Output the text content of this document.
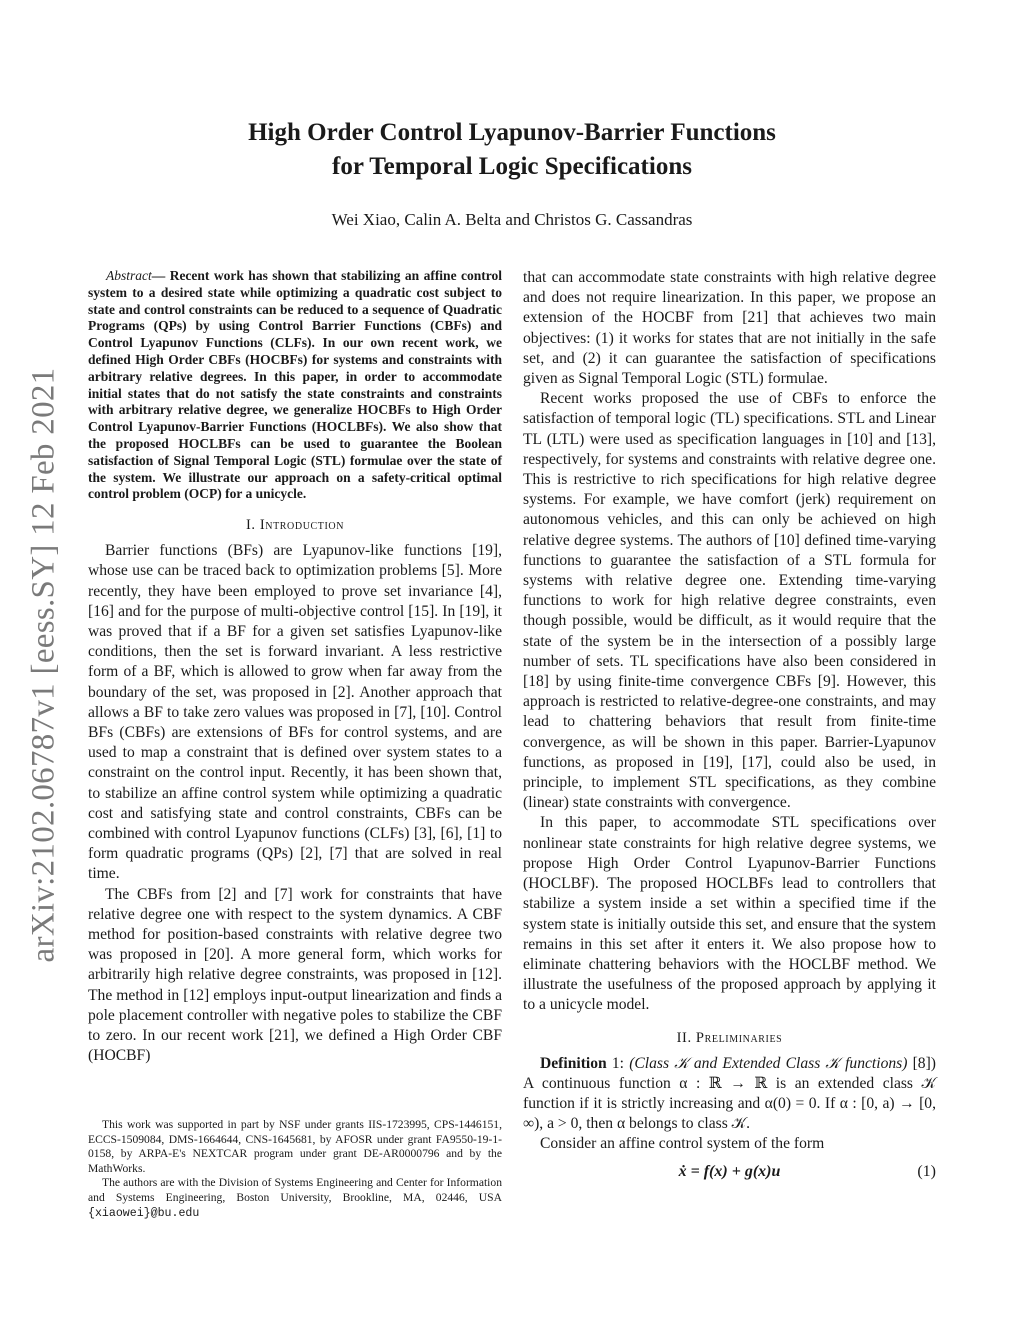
arXiv:2102.06787v1 [eess.SY] 12 Feb 2021
High Order Control Lyapunov-Barrier Functions
for Temporal Logic Specifications
Wei Xiao, Calin A. Belta and Christos G. Cassandras

Abstract— Recent work has shown that stabilizing an affine control system to a desired state while optimizing a quadratic cost subject to state and control constraints can be reduced to a sequence of Quadratic Programs (QPs) by using Control Barrier Functions (CBFs) and Control Lyapunov Functions (CLFs). In our own recent work, we defined High Order CBFs (HOCBFs) for systems and constraints with arbitrary relative degrees. In this paper, in order to accommodate initial states that do not satisfy the state constraints and constraints with arbitrary relative degree, we generalize HOCBFs to High Order Control Lyapunov-Barrier Functions (HOCLBFs). We also show that the proposed HOCLBFs can be used to guarantee the Boolean satisfaction of Signal Temporal Logic (STL) formulae over the state of the system. We illustrate our approach on a safety-critical optimal control problem (OCP) for a unicycle.

I. Introduction

Barrier functions (BFs) are Lyapunov-like functions [19], whose use can be traced back to optimization problems [5]. More recently, they have been employed to prove set invariance [4], [16] and for the purpose of multi-objective control [15]. In [19], it was proved that if a BF for a given set satisfies Lyapunov-like conditions, then the set is forward invariant. A less restrictive form of a BF, which is allowed to grow when far away from the boundary of the set, was proposed in [2]. Another approach that allows a BF to take zero values was proposed in [7], [10]. Control BFs (CBFs) are extensions of BFs for control systems, and are used to map a constraint that is defined over system states to a constraint on the control input. Recently, it has been shown that, to stabilize an affine control system while optimizing a quadratic cost and satisfying state and control constraints, CBFs can be combined with control Lyapunov functions (CLFs) [3], [6], [1] to form quadratic programs (QPs) [2], [7] that are solved in real time.

The CBFs from [2] and [7] work for constraints that have relative degree one with respect to the system dynamics. A CBF method for position-based constraints with relative degree two was proposed in [20]. A more general form, which works for arbitrarily high relative degree constraints, was proposed in [12]. The method in [12] employs input-output linearization and finds a pole placement controller with negative poles to stabilize the CBF to zero. In our recent work [21], we defined a High Order CBF (HOCBF)

This work was supported in part by NSF under grants IIS-1723995, CPS-1446151, ECCS-1509084, DMS-1664644, CNS-1645681, by AFOSR under grant FA9550-19-1-0158, by ARPA-E's NEXTCAR program under grant DE-AR0000796 and by the MathWorks.

The authors are with the Division of Systems Engineering and Center for Information and Systems Engineering, Boston University, Brookline, MA, 02446, USA {xiaowei}@bu.edu

that can accommodate state constraints with high relative degree and does not require linearization. In this paper, we propose an extension of the HOCBF from [21] that achieves two main objectives: (1) it works for states that are not initially in the safe set, and (2) it can guarantee the satisfaction of specifications given as Signal Temporal Logic (STL) formulae.

Recent works proposed the use of CBFs to enforce the satisfaction of temporal logic (TL) specifications. STL and Linear TL (LTL) were used as specification languages in [10] and [13], respectively, for systems and constraints with relative degree one. This is restrictive to rich specifications for high relative degree systems. For example, we have comfort (jerk) requirement on autonomous vehicles, and this can only be achieved on high relative degree systems. The authors of [10] defined time-varying functions to guarantee the satisfaction of a STL formula for systems with relative degree one. Extending time-varying functions to work for high relative degree constraints, even though possible, would be difficult, as it would require that the state of the system be in the intersection of a possibly large number of sets. TL specifications have also been considered in [18] by using finite-time convergence CBFs [9]. However, this approach is restricted to relative-degree-one constraints, and may lead to chattering behaviors that result from finite-time convergence, as will be shown in this paper. Barrier-Lyapunov functions, as proposed in [19], [17], could also be used, in principle, to implement STL specifications, as they combine (linear) state constraints with convergence.

In this paper, to accommodate STL specifications over nonlinear state constraints for high relative degree systems, we propose High Order Control Lyapunov-Barrier Functions (HOCLBF). The proposed HOCLBFs lead to controllers that stabilize a system inside a set within a specified time if the system state is initially outside this set, and ensure that the system remains in this set after it enters it. We also propose how to eliminate chattering behaviors with the HOCLBF method. We illustrate the usefulness of the proposed approach by applying it to a unicycle model.

II. Preliminaries

Definition 1: (Class 𝒦 and Extended Class 𝒦 functions) [8]) A continuous function α : ℝ → ℝ is an extended class 𝒦 function if it is strictly increasing and α(0) = 0. If α : [0, a) → [0, ∞), a > 0, then α belongs to class 𝒦.

Consider an affine control system of the form

ẋ = f(x) + g(x)u	(1)
